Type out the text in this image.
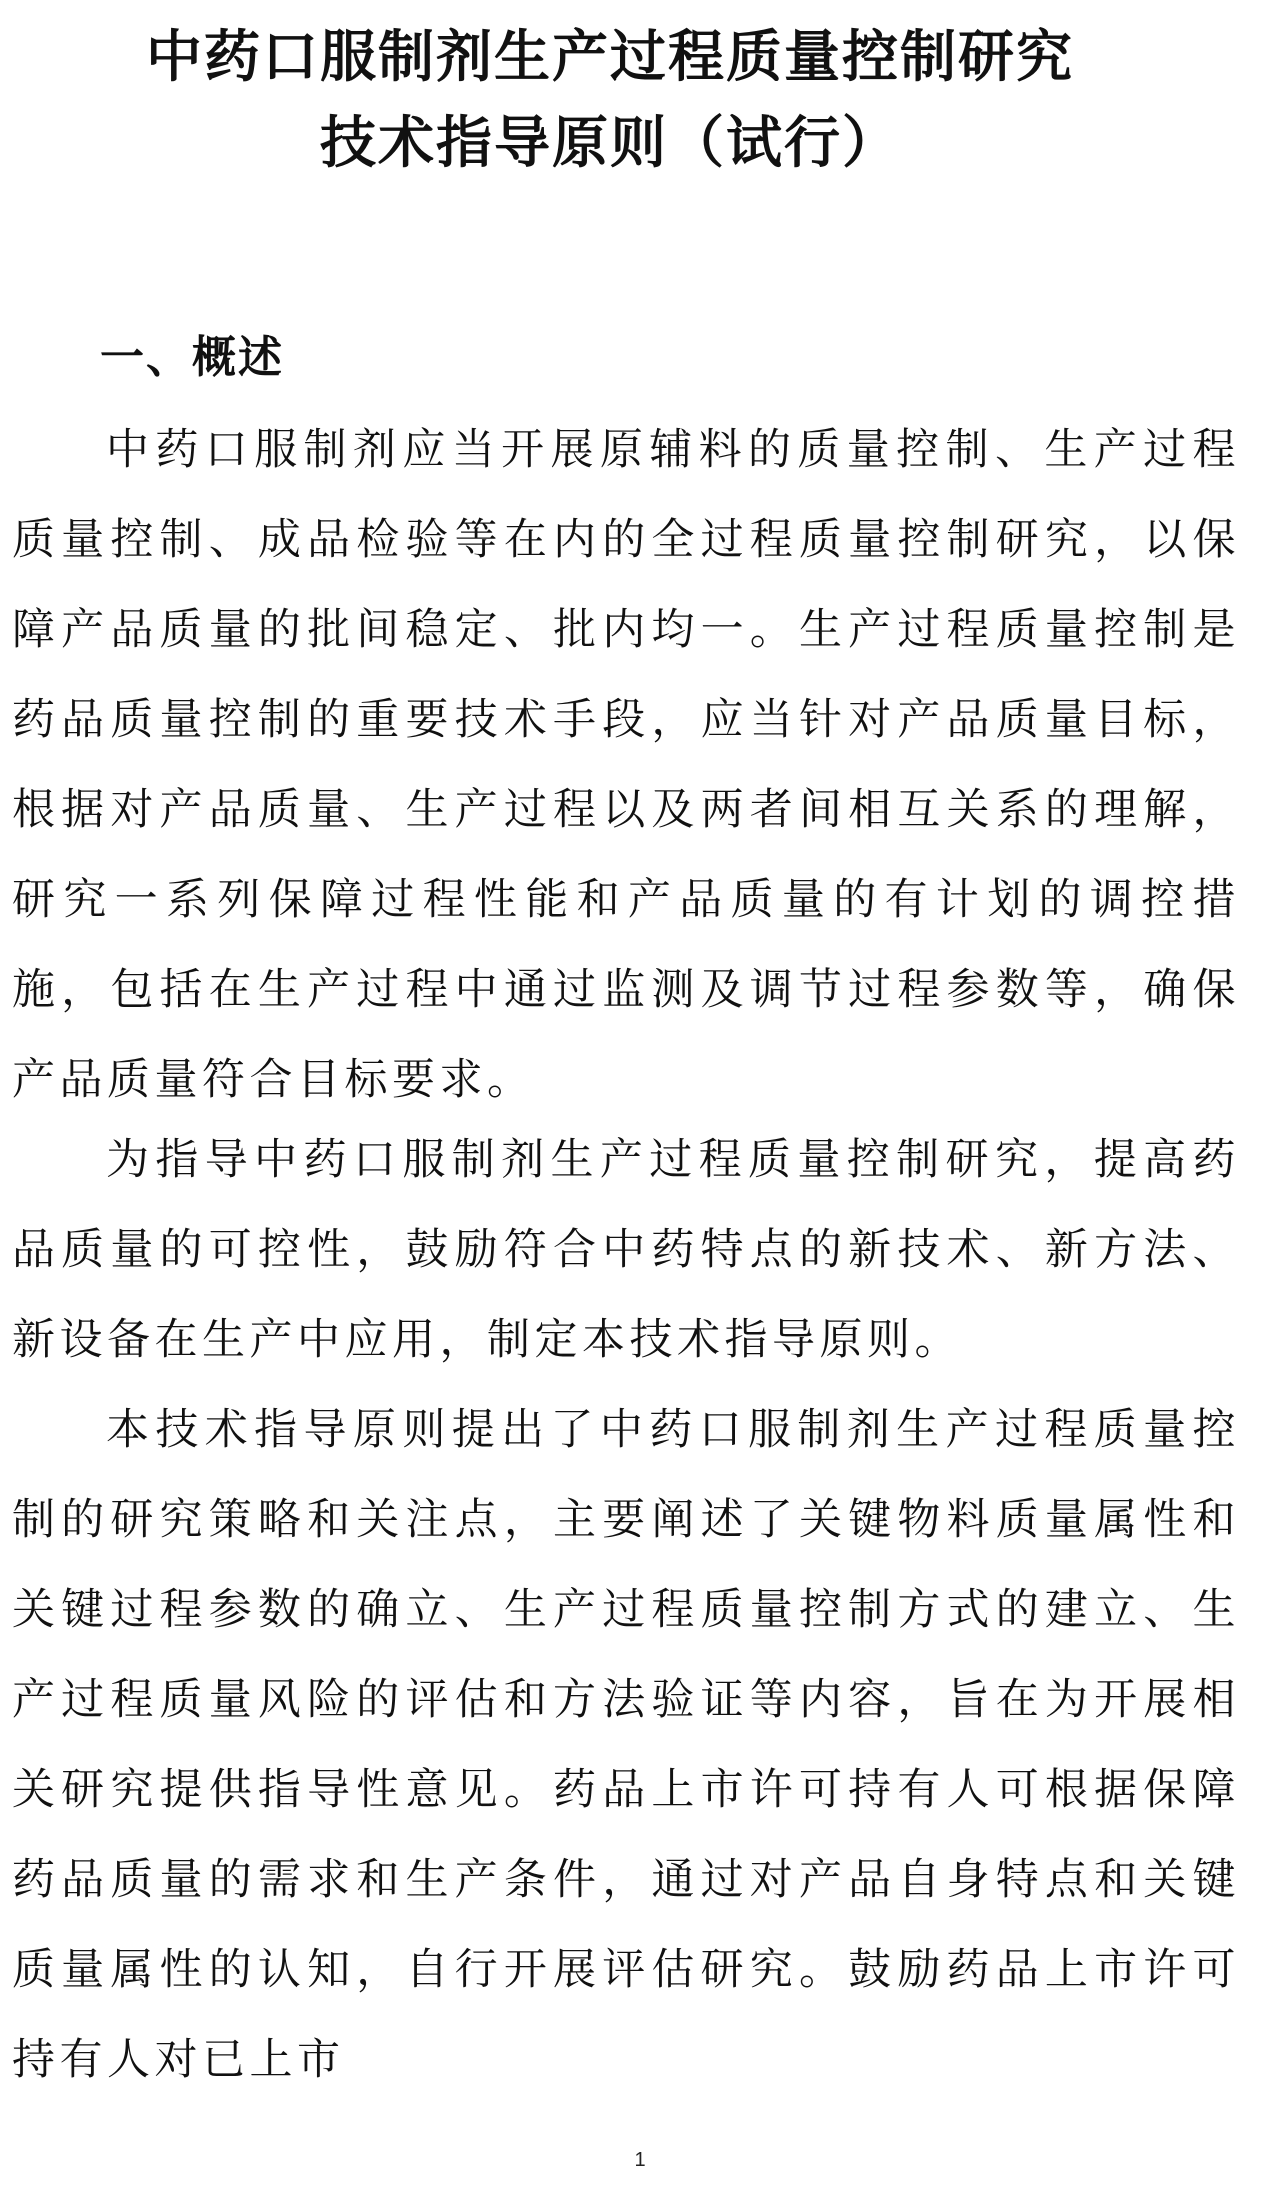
中药口服制剂生产过程质量控制研究
技术指导原则（试行）
一、概述

中药口服制剂应当开展原辅料的质量控制、生产过程质量控制、成品检验等在内的全过程质量控制研究，以保障产品质量的批间稳定、批内均一。生产过程质量控制是药品质量控制的重要技术手段，应当针对产品质量目标，根据对产品质量、生产过程以及两者间相互关系的理解，研究一系列保障过程性能和产品质量的有计划的调控措施，包括在生产过程中通过监测及调节过程参数等，确保产品质量符合目标要求。

为指导中药口服制剂生产过程质量控制研究，提高药品质量的可控性，鼓励符合中药特点的新技术、新方法、新设备在生产中应用，制定本技术指导原则。

本技术指导原则提出了中药口服制剂生产过程质量控制的研究策略和关注点，主要阐述了关键物料质量属性和关键过程参数的确立、生产过程质量控制方式的建立、生产过程质量风险的评估和方法验证等内容，旨在为开展相关研究提供指导性意见。药品上市许可持有人可根据保障药品质量的需求和生产条件，通过对产品自身特点和关键质量属性的认知，自行开展评估研究。鼓励药品上市许可持有人对已上市

1
